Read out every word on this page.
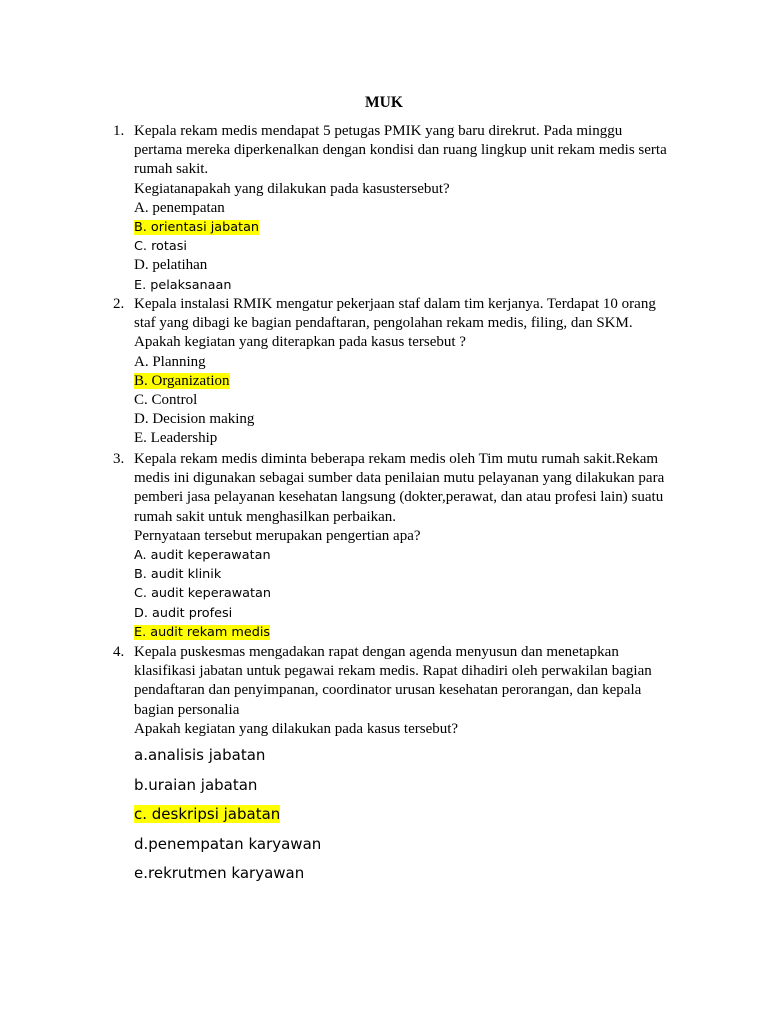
MUK
1. Kepala rekam medis mendapat 5 petugas PMIK yang baru direkrut. Pada minggu
pertama mereka diperkenalkan dengan kondisi dan ruang lingkup unit rekam medis serta
rumah sakit.
Kegiatanapakah yang dilakukan pada kasustersebut?
A. penempatan
B. orientasi jabatan
C. rotasi
D. pelatihan
E. pelaksanaan
2. Kepala instalasi RMIK mengatur pekerjaan staf dalam tim kerjanya. Terdapat 10 orang
staf yang dibagi ke bagian pendaftaran, pengolahan rekam medis, filing, dan SKM.
Apakah kegiatan yang diterapkan pada kasus tersebut ?
A. Planning
B. Organization
C. Control
D. Decision making
E. Leadership
3. Kepala rekam medis diminta beberapa rekam medis oleh Tim mutu rumah sakit.Rekam
medis ini digunakan sebagai sumber data penilaian mutu pelayanan yang dilakukan para
pemberi jasa pelayanan kesehatan langsung (dokter,perawat, dan atau profesi lain) suatu
rumah sakit untuk menghasilkan perbaikan.
Pernyataan tersebut merupakan pengertian apa?
A. audit keperawatan
B. audit klinik
C. audit keperawatan
D. audit profesi
E. audit rekam medis
4. Kepala puskesmas mengadakan rapat dengan agenda menyusun dan menetapkan
klasifikasi jabatan untuk pegawai rekam medis. Rapat dihadiri oleh perwakilan bagian
pendaftaran dan penyimpanan, coordinator urusan kesehatan perorangan, dan kepala
bagian personalia
Apakah kegiatan yang dilakukan pada kasus tersebut?
a.analisis jabatan
b.uraian jabatan
c. deskripsi jabatan
d.penempatan karyawan
e.rekrutmen karyawan
